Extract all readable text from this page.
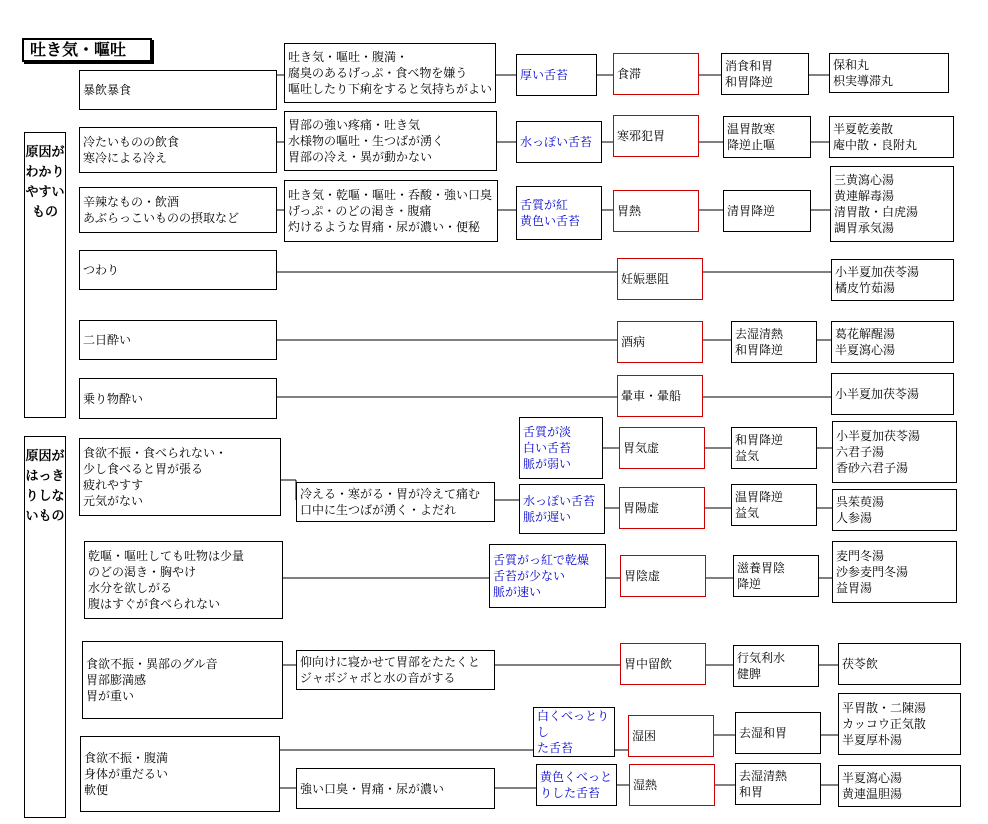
吐き気・嘔吐
原因がわかりやすいもの
原因がはっきりしないもの
暴飲暴食
冷たいものの飲食
寒冷による冷え
辛辣なもの・飲酒
あぶらっこいものの摂取など
つわり
二日酔い
乗り物酔い
食欲不振・食べられない・
少し食べると胃が張る
疲れやすす
元気がない
乾嘔・嘔吐しても吐物は少量
のどの渇き・胸やけ
水分を欲しがる
腹はすぐが食べられない
食欲不振・異部のグル音
胃部膨満感
胃が重い
食欲不振・腹満
身体が重だるい
軟便
吐き気・嘔吐・腹満・
腐臭のあるげっぷ・食べ物を嫌う
嘔吐したり下痢をすると気持ちがよい
胃部の強い疼痛・吐き気
水様物の嘔吐・生つばが湧く
胃部の冷え・異が動かない
吐き気・乾嘔・嘔吐・呑酸・強い口臭
げっぷ・のどの渇き・腹痛
灼けるような胃痛・尿が濃い・便秘
冷える・寒がる・胃が冷えて痛む
口中に生つばが湧く・よだれ
仰向けに寝かせて胃部をたたくと
ジャボジャボと水の音がする
強い口臭・胃痛・尿が濃い
厚い舌苔
水っぽい舌苔
舌質が紅
黄色い舌苔
舌質が淡
白い舌苔
脈が弱い
水っぽい舌苔
脈が遅い
舌質がっ紅で乾燥
舌苔が少ない
脈が速い
白くべっとりし
た舌苔
黄色くべっと
りした舌苔
食滞
寒邪犯胃
胃熱
妊娠悪阻
酒病
暈車・暈船
胃気虚
胃陽虚
胃陰虚
胃中留飲
湿困
湿熱
消食和胃
和胃降逆
温胃散寒
降逆止嘔
清胃降逆
去湿清熱
和胃降逆
和胃降逆
益気
温胃降逆
益気
滋養胃陰
降逆
行気利水
健脾
去湿和胃
去湿清熱
和胃
保和丸
枳実導滞丸
半夏乾姜散
庵中散・良附丸
三黄瀉心湯
黄連解毒湯
清胃散・白虎湯
調胃承気湯
小半夏加茯苓湯
橘皮竹茹湯
葛花解醒湯
半夏瀉心湯
小半夏加茯苓湯
小半夏加茯苓湯
六君子湯
香砂六君子湯
呉茱萸湯
人参湯
麦門冬湯
沙参麦門冬湯
益胃湯
茯苓飲
平胃散・二陳湯
カッコウ正気散
半夏厚朴湯
半夏瀉心湯
黄連温胆湯
